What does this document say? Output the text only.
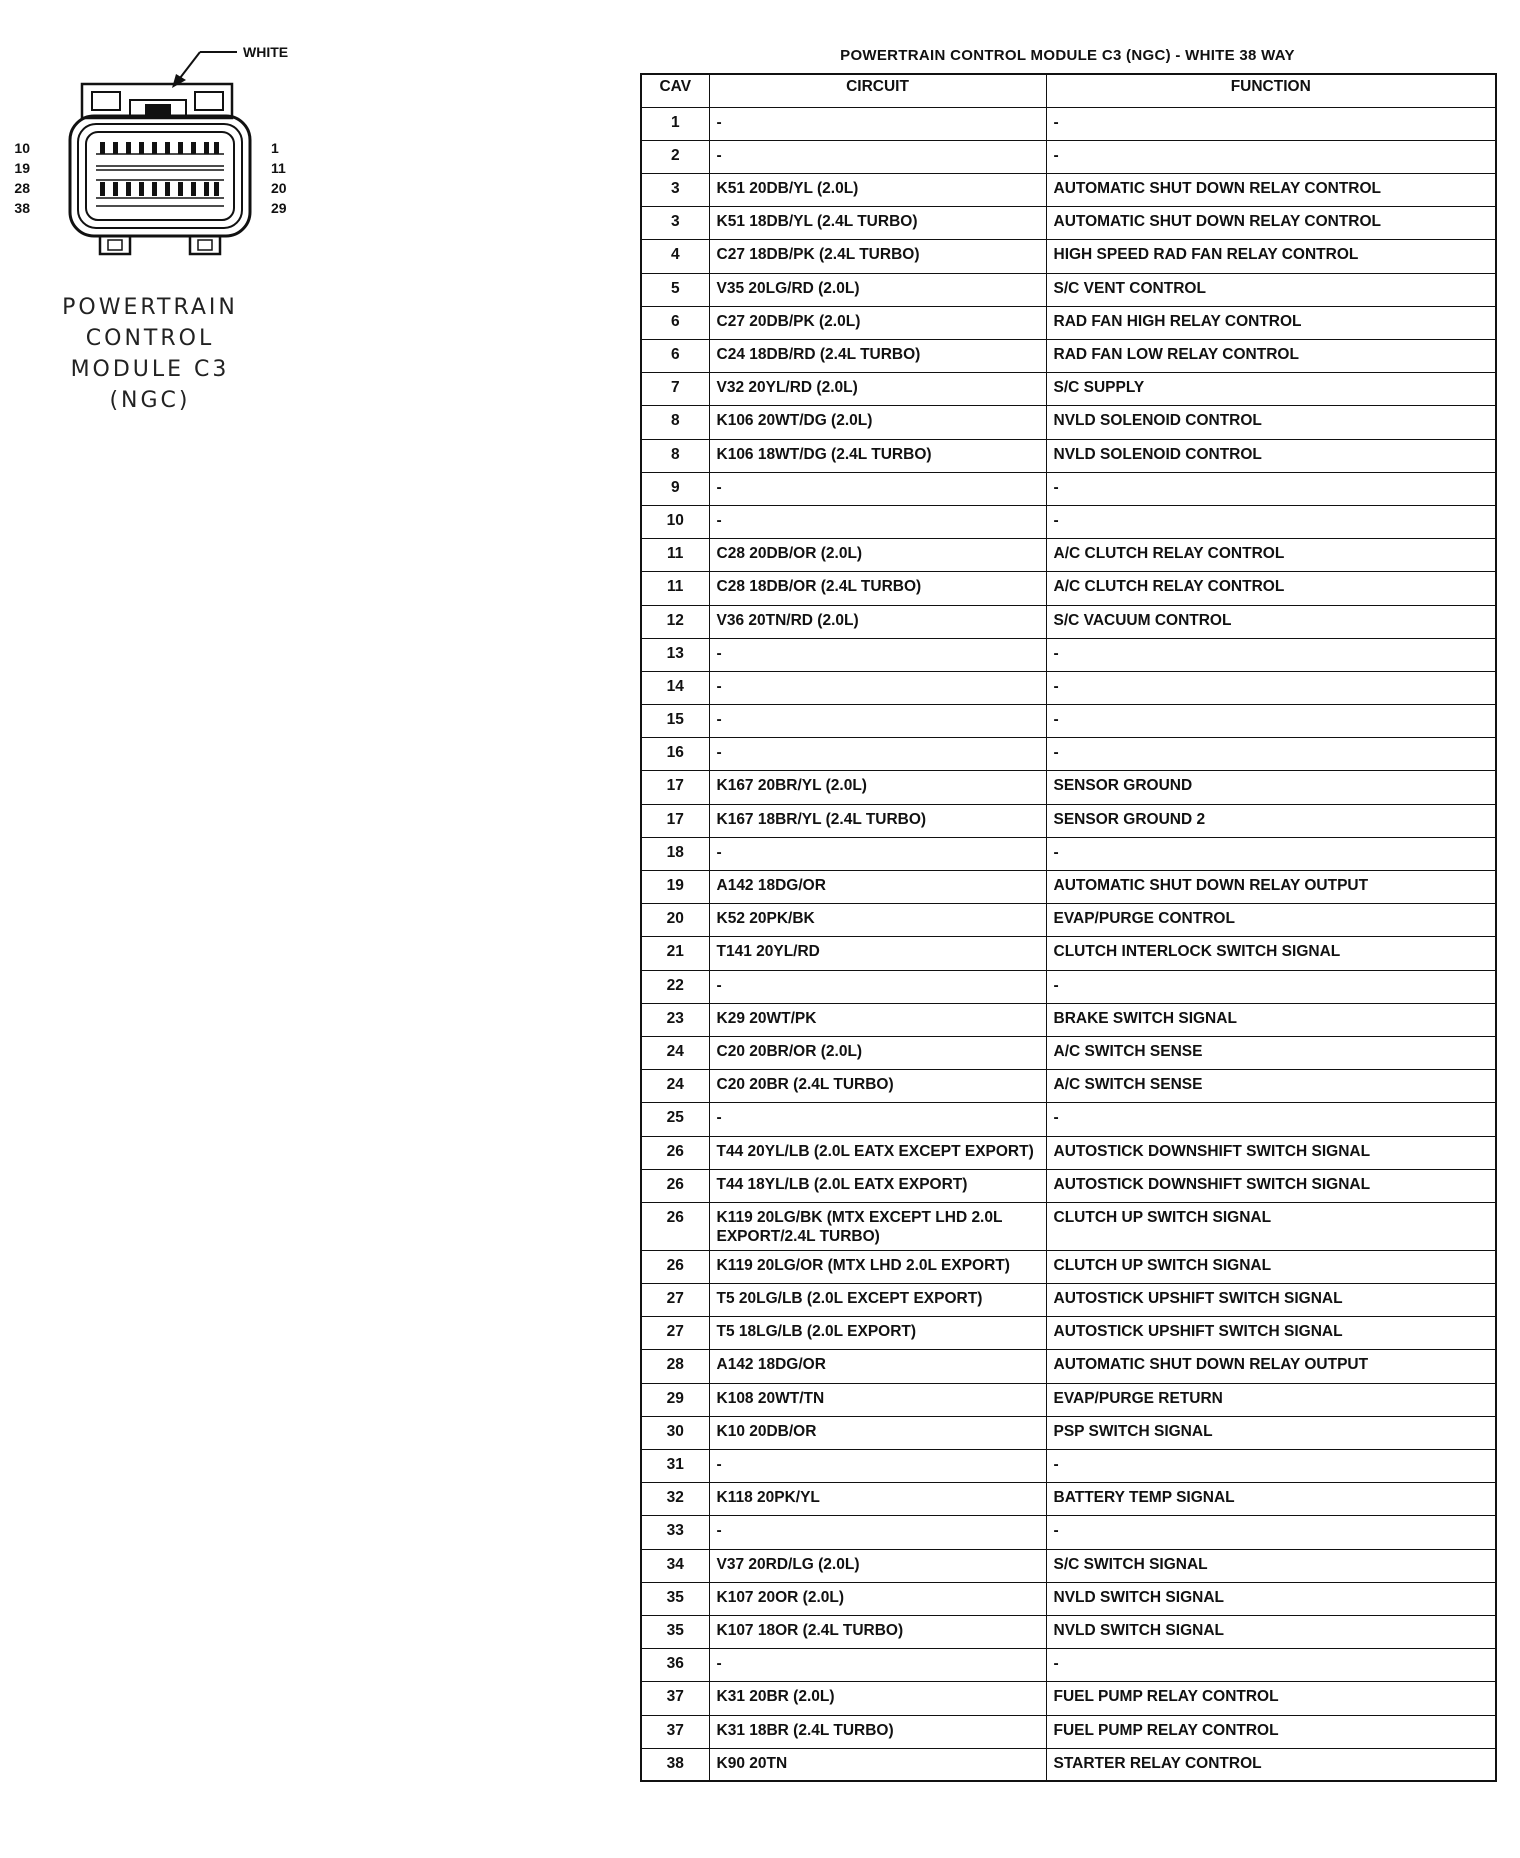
WHITE
10
19
28
38
1
11
20
29
POWERTRAIN
CONTROL
MODULE C3
(NGC)
POWERTRAIN CONTROL MODULE C3 (NGC) - WHITE 38 WAY
CAV	CIRCUIT	FUNCTION
1	-	-
2	-	-
3	K51 20DB/YL (2.0L)	AUTOMATIC SHUT DOWN RELAY CONTROL
3	K51 18DB/YL (2.4L TURBO)	AUTOMATIC SHUT DOWN RELAY CONTROL
4	C27 18DB/PK (2.4L TURBO)	HIGH SPEED RAD FAN RELAY CONTROL
5	V35 20LG/RD (2.0L)	S/C VENT CONTROL
6	C27 20DB/PK (2.0L)	RAD FAN HIGH RELAY CONTROL
6	C24 18DB/RD (2.4L TURBO)	RAD FAN LOW RELAY CONTROL
7	V32 20YL/RD (2.0L)	S/C SUPPLY
8	K106 20WT/DG (2.0L)	NVLD SOLENOID CONTROL
8	K106 18WT/DG (2.4L TURBO)	NVLD SOLENOID CONTROL
9	-	-
10	-	-
11	C28 20DB/OR (2.0L)	A/C CLUTCH RELAY CONTROL
11	C28 18DB/OR (2.4L TURBO)	A/C CLUTCH RELAY CONTROL
12	V36 20TN/RD (2.0L)	S/C VACUUM CONTROL
13	-	-
14	-	-
15	-	-
16	-	-
17	K167 20BR/YL (2.0L)	SENSOR GROUND
17	K167 18BR/YL (2.4L TURBO)	SENSOR GROUND 2
18	-	-
19	A142 18DG/OR	AUTOMATIC SHUT DOWN RELAY OUTPUT
20	K52 20PK/BK	EVAP/PURGE CONTROL
21	T141 20YL/RD	CLUTCH INTERLOCK SWITCH SIGNAL
22	-	-
23	K29 20WT/PK	BRAKE SWITCH SIGNAL
24	C20 20BR/OR (2.0L)	A/C SWITCH SENSE
24	C20 20BR (2.4L TURBO)	A/C SWITCH SENSE
25	-	-
26	T44 20YL/LB (2.0L EATX EXCEPT EXPORT)	AUTOSTICK DOWNSHIFT SWITCH SIGNAL
26	T44 18YL/LB (2.0L EATX EXPORT)	AUTOSTICK DOWNSHIFT SWITCH SIGNAL
26	K119 20LG/BK (MTX EXCEPT LHD 2.0L EXPORT/2.4L TURBO)	CLUTCH UP SWITCH SIGNAL
26	K119 20LG/OR (MTX LHD 2.0L EXPORT)	CLUTCH UP SWITCH SIGNAL
27	T5 20LG/LB (2.0L EXCEPT EXPORT)	AUTOSTICK UPSHIFT SWITCH SIGNAL
27	T5 18LG/LB (2.0L EXPORT)	AUTOSTICK UPSHIFT SWITCH SIGNAL
28	A142 18DG/OR	AUTOMATIC SHUT DOWN RELAY OUTPUT
29	K108 20WT/TN	EVAP/PURGE RETURN
30	K10 20DB/OR	PSP SWITCH SIGNAL
31	-	-
32	K118 20PK/YL	BATTERY TEMP SIGNAL
33	-	-
34	V37 20RD/LG (2.0L)	S/C SWITCH SIGNAL
35	K107 20OR (2.0L)	NVLD SWITCH SIGNAL
35	K107 18OR (2.4L TURBO)	NVLD SWITCH SIGNAL
36	-	-
37	K31 20BR (2.0L)	FUEL PUMP RELAY CONTROL
37	K31 18BR (2.4L TURBO)	FUEL PUMP RELAY CONTROL
38	K90 20TN	STARTER RELAY CONTROL
